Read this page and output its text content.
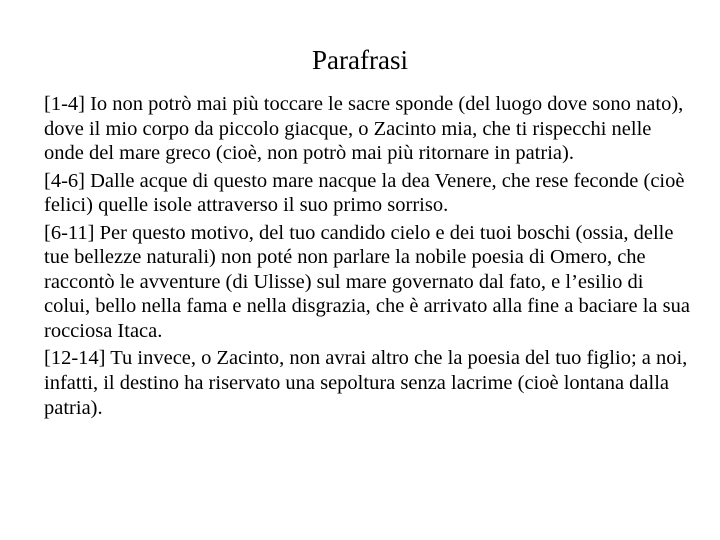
Parafrasi

[1-4] Io non potrò mai più toccare le sacre sponde (del luogo dove sono nato), dove il mio corpo da piccolo giacque, o Zacinto mia, che ti rispecchi nelle onde del mare greco (cioè, non potrò mai più ritornare in patria).

[4-6] Dalle acque di questo mare nacque la dea Venere, che rese feconde (cioè felici) quelle isole attraverso il suo primo sorriso.

[6-11] Per questo motivo, del tuo candido cielo e dei tuoi boschi (ossia, delle tue bellezze naturali) non poté non parlare la nobile poesia di Omero, che raccontò le avventure (di Ulisse) sul mare governato dal fato, e l’esilio di colui, bello nella fama e nella disgrazia, che è arrivato alla fine a baciare la sua rocciosa Itaca.

[12-14] Tu invece, o Zacinto, non avrai altro che la poesia del tuo figlio; a noi, infatti, il destino ha riservato una sepoltura senza lacrime (cioè lontana dalla patria).
